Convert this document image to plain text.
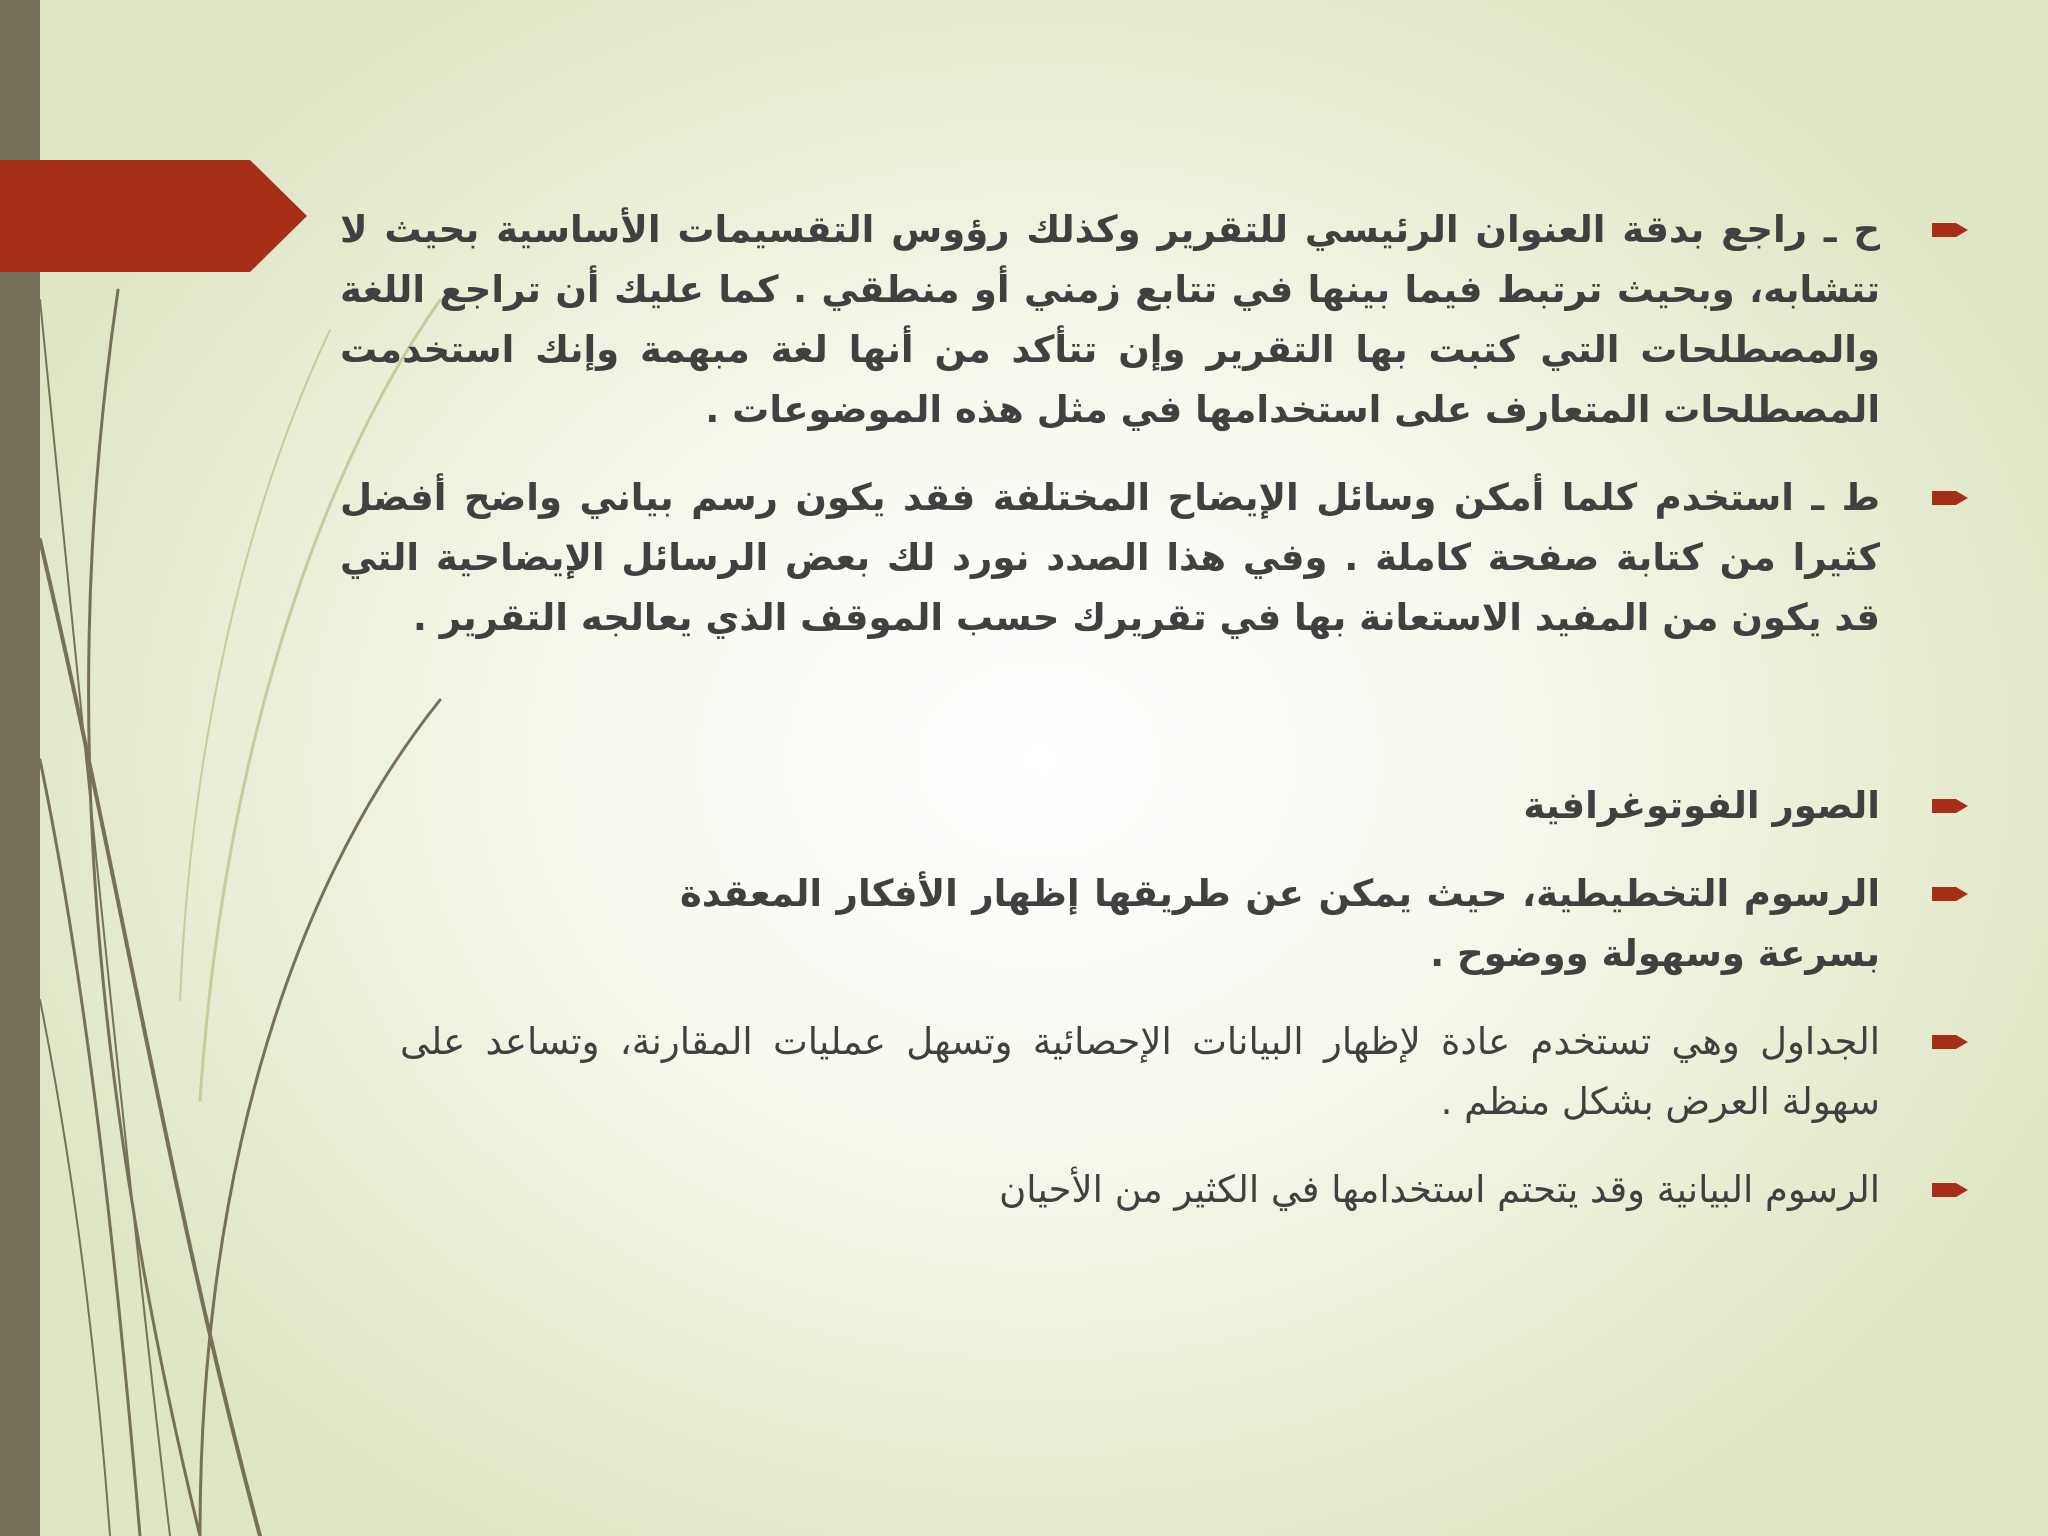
ح ـ راجع بدقة العنوان الرئيسي للتقرير وكذلك رؤوس التقسيمات الأساسية بحيث لا تتشابه، وبحيث ترتبط فيما بينها في تتابع زمني أو منطقي . كما عليك أن تراجع اللغة والمصطلحات التي كتبت بها التقرير وإن تتأكد من أنها لغة مبهمة وإنك استخدمت المصطلحات المتعارف على استخدامها في مثل هذه الموضوعات .
ط ـ استخدم كلما أمكن وسائل الإيضاح المختلفة فقد يكون رسم بياني واضح أفضل كثيرا من كتابة صفحة كاملة . وفي هذا الصدد نورد لك بعض الرسائل الإيضاحية التي قد يكون من المفيد الاستعانة بها في تقريرك حسب الموقف الذي يعالجه التقرير .
الصور الفوتوغرافية
الرسوم التخطيطية، حيث يمكن عن طريقها إظهار الأفكار المعقدة بسرعة وسهولة ووضوح .
الجداول وهي تستخدم عادة لإظهار البيانات الإحصائية وتسهل عمليات المقارنة، وتساعد على سهولة العرض بشكل منظم .
الرسوم البيانية وقد يتحتم استخدامها في الكثير من الأحيان
